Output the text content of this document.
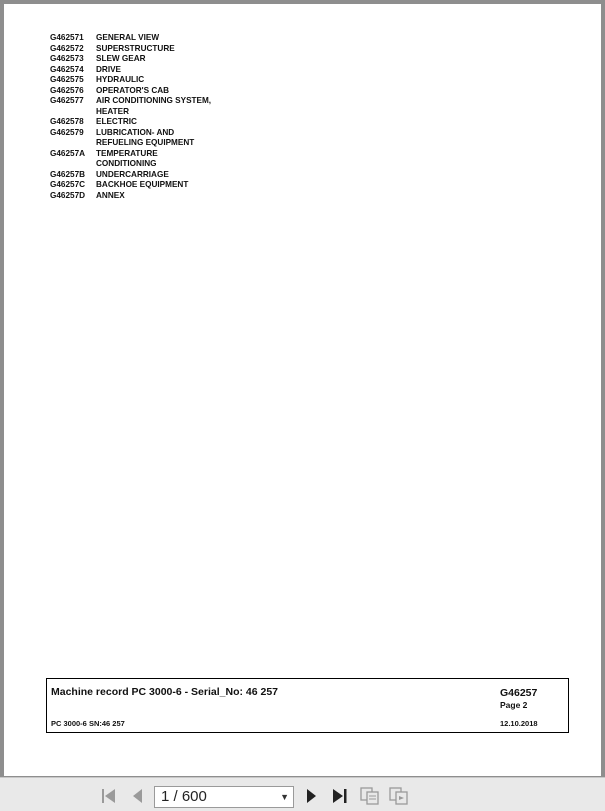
G462571	GENERAL VIEW
G462572	SUPERSTRUCTURE
G462573	SLEW GEAR
G462574	DRIVE
G462575	HYDRAULIC
G462576	OPERATOR'S CAB
G462577	AIR CONDITIONING SYSTEM,
HEATER
G462578	ELECTRIC
G462579	LUBRICATION- AND
REFUELING EQUIPMENT
G46257A	TEMPERATURE
CONDITIONING
G46257B	UNDERCARRIAGE
G46257C	BACKHOE EQUIPMENT
G46257D	ANNEX
Machine record PC 3000-6 - Serial_No: 46 257	G46257
Page 2
PC 3000-6 SN:46 257	12.10.2018
1 / 600	▼
